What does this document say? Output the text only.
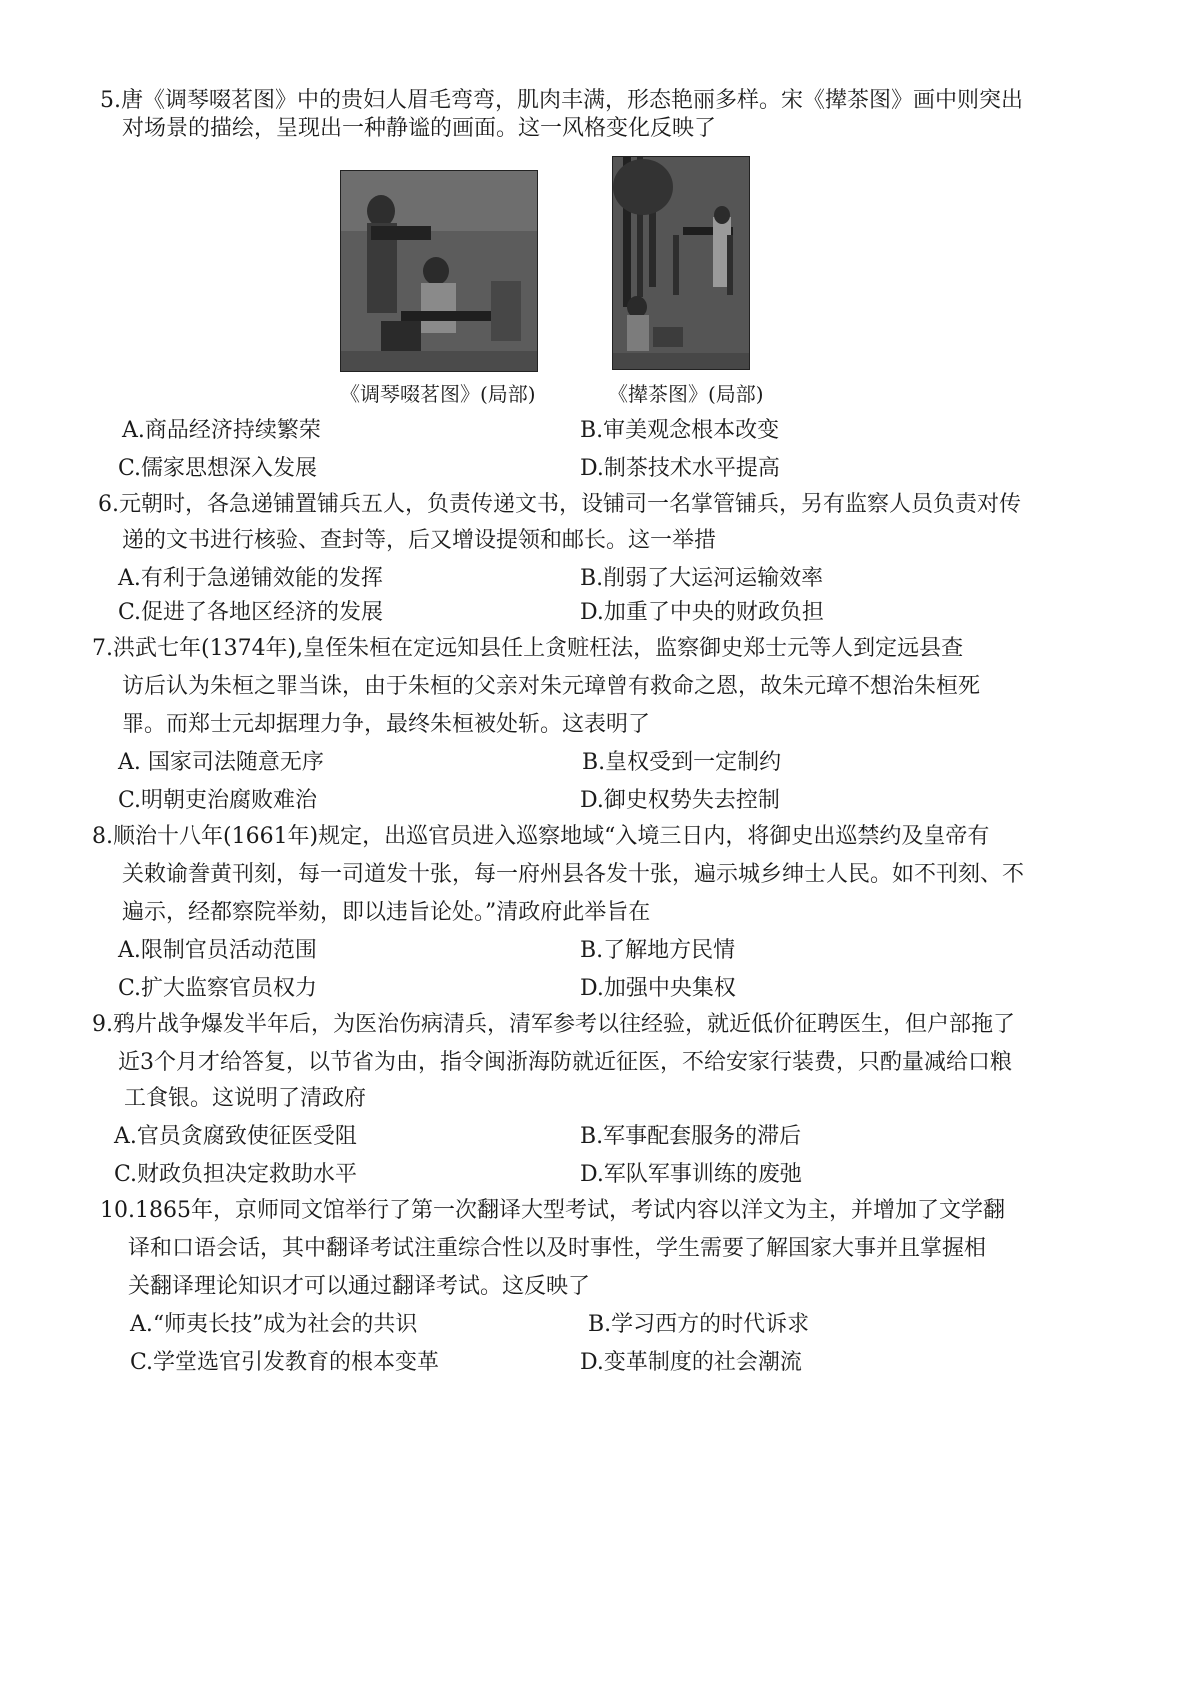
5.唐《调琴啜茗图》中的贵妇人眉毛弯弯，肌肉丰满，形态艳丽多样。宋《撵茶图》画中则突出
对场景的描绘，呈现出一种静谧的画面。这一风格变化反映了
《调琴啜茗图》(局部)	《撵茶图》(局部)
A.商品经济持续繁荣	B.审美观念根本改变
C.儒家思想深入发展	D.制茶技术水平提高
6.元朝时，各急递铺置铺兵五人，负责传递文书，设铺司一名掌管铺兵，另有监察人员负责对传
递的文书进行核验、查封等，后又增设提领和邮长。这一举措
A.有利于急递铺效能的发挥	B.削弱了大运河运输效率
C.促进了各地区经济的发展	D.加重了中央的财政负担
7.洪武七年(1374年),皇侄朱桓在定远知县任上贪赃枉法，监察御史郑士元等人到定远县查
访后认为朱桓之罪当诛，由于朱桓的父亲对朱元璋曾有救命之恩，故朱元璋不想治朱桓死
罪。而郑士元却据理力争，最终朱桓被处斩。这表明了
A. 国家司法随意无序	B.皇权受到一定制约
C.明朝吏治腐败难治	D.御史权势失去控制
8.顺治十八年(1661年)规定，出巡官员进入巡察地域“入境三日内，将御史出巡禁约及皇帝有
关敕谕誊黄刊刻，每一司道发十张，每一府州县各发十张，遍示城乡绅士人民。如不刊刻、不
遍示，经都察院举劾，即以违旨论处。”清政府此举旨在
A.限制官员活动范围	B.了解地方民情
C.扩大监察官员权力	D.加强中央集权
9.鸦片战争爆发半年后，为医治伤病清兵，清军参考以往经验，就近低价征聘医生，但户部拖了
近3个月才给答复，以节省为由，指令闽浙海防就近征医，不给安家行装费，只酌量减给口粮
工食银。这说明了清政府
A.官员贪腐致使征医受阻	B.军事配套服务的滞后
C.财政负担决定救助水平	D.军队军事训练的废弛
10.1865年，京师同文馆举行了第一次翻译大型考试，考试内容以洋文为主，并增加了文学翻
译和口语会话，其中翻译考试注重综合性以及时事性，学生需要了解国家大事并且掌握相
关翻译理论知识才可以通过翻译考试。这反映了
A.“师夷长技”成为社会的共识	B.学习西方的时代诉求
C.学堂选官引发教育的根本变革	D.变革制度的社会潮流
